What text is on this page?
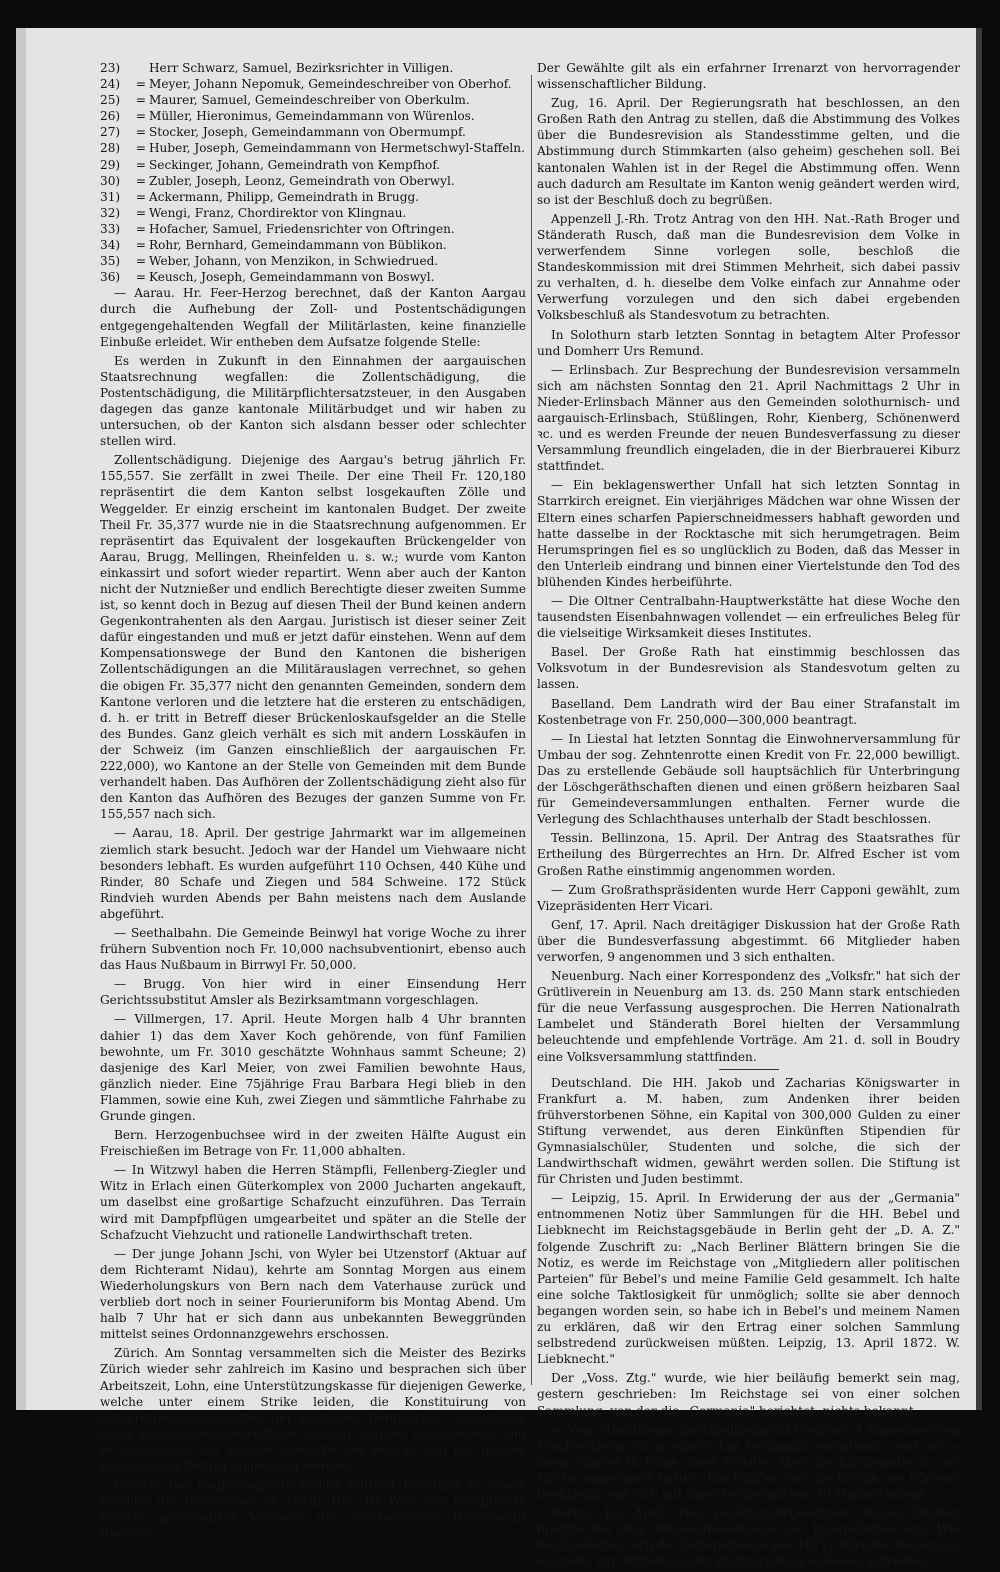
23)	Herr Schwarz, Samuel, Bezirksrichter in Villigen.
24)	= Meyer, Johann Nepomuk, Gemeindeschreiber von Oberhof.
25)	= Maurer, Samuel, Gemeindeschreiber von Oberkulm.
26)	= Müller, Hieronimus, Gemeindammann von Würenlos.
27)	= Stocker, Joseph, Gemeindammann von Obermumpf.
28)	= Huber, Joseph, Gemeindammann von Hermetschwyl-Staffeln.
29)	= Seckinger, Johann, Gemeindrath von Kempfhof.
30)	= Zubler, Joseph, Leonz, Gemeindrath von Oberwyl.
31)	= Ackermann, Philipp, Gemeindrath in Brugg.
32)	= Wengi, Franz, Chordirektor von Klingnau.
33)	= Hofacher, Samuel, Friedensrichter von Oftringen.
34)	= Rohr, Bernhard, Gemeindammann von Büblikon.
35)	= Weber, Johann, von Menzikon, in Schwiedrued.
36)	= Keusch, Joseph, Gemeindammann von Boswyl.

— Aarau. Hr. Feer-Herzog berechnet, daß der Kanton Aargau durch die Aufhebung der Zoll- und Postentschädigungen entgegengehaltenden Wegfall der Militärlasten, keine finanzielle Einbuße erleidet. Wir entheben dem Aufsatze folgende Stelle:

Es werden in Zukunft in den Einnahmen der aargauischen Staatsrechnung wegfallen: die Zollentschädigung, die Postentschädigung, die Militärpflichtersatzsteuer, in den Ausgaben dagegen das ganze kantonale Militärbudget und wir haben zu untersuchen, ob der Kanton sich alsdann besser oder schlechter stellen wird.

Zollentschädigung. Diejenige des Aargau's betrug jährlich Fr. 155,557. Sie zerfällt in zwei Theile. Der eine Theil Fr. 120,180 repräsentirt die dem Kanton selbst losgekauften Zölle und Weggelder. Er einzig erscheint im kantonalen Budget. Der zweite Theil Fr. 35,377 wurde nie in die Staatsrechnung aufgenommen. Er repräsentirt das Equivalent der losgekauften Brückengelder von Aarau, Brugg, Mellingen, Rheinfelden u. s. w.; wurde vom Kanton einkassirt und sofort wieder repartirt. Wenn aber auch der Kanton nicht der Nutznießer und endlich Berechtigte dieser zweiten Summe ist, so kennt doch in Bezug auf diesen Theil der Bund keinen andern Gegenkontrahenten als den Aargau. Juristisch ist dieser seiner Zeit dafür eingestanden und muß er jetzt dafür einstehen. Wenn auf dem Kompensationswege der Bund den Kantonen die bisherigen Zollentschädigungen an die Militärauslagen verrechnet, so gehen die obigen Fr. 35,377 nicht den genannten Gemeinden, sondern dem Kantone verloren und die letztere hat die ersteren zu entschädigen, d. h. er tritt in Betreff dieser Brückenloskaufsgelder an die Stelle des Bundes. Ganz gleich verhält es sich mit andern Losskäufen in der Schweiz (im Ganzen einschließlich der aargauischen Fr. 222,000), wo Kantone an der Stelle von Gemeinden mit dem Bunde verhandelt haben. Das Aufhören der Zollentschädigung zieht also für den Kanton das Aufhören des Bezuges der ganzen Summe von Fr. 155,557 nach sich.

— Aarau, 18. April. Der gestrige Jahrmarkt war im allgemeinen ziemlich stark besucht. Jedoch war der Handel um Viehwaare nicht besonders lebhaft. Es wurden aufgeführt 110 Ochsen, 440 Kühe und Rinder, 80 Schafe und Ziegen und 584 Schweine. 172 Stück Rindvieh wurden Abends per Bahn meistens nach dem Auslande abgeführt.

— Seethalbahn. Die Gemeinde Beinwyl hat vorige Woche zu ihrer frühern Subvention noch Fr. 10,000 nachsubventionirt, ebenso auch das Haus Nußbaum in Birrwyl Fr. 50,000.

— Brugg. Von hier wird in einer Einsendung Herr Gerichtssubstitut Amsler als Bezirksamtmann vorgeschlagen.

— Villmergen, 17. April. Heute Morgen halb 4 Uhr brannten dahier 1) das dem Xaver Koch gehörende, von fünf Familien bewohnte, um Fr. 3010 geschätzte Wohnhaus sammt Scheune; 2) dasjenige des Karl Meier, von zwei Familien bewohnte Haus, gänzlich nieder. Eine 75jährige Frau Barbara Hegi blieb in den Flammen, sowie eine Kuh, zwei Ziegen und sämmtliche Fahrhabe zu Grunde gingen.

Bern. Herzogenbuchsee wird in der zweiten Hälfte August ein Freischießen im Betrage von Fr. 11,000 abhalten.

— In Witzwyl haben die Herren Stämpfli, Fellenberg-Ziegler und Witz in Erlach einen Güterkomplex von 2000 Jucharten angekauft, um daselbst eine großartige Schafzucht einzuführen. Das Terrain wird mit Dampfpflügen umgearbeitet und später an die Stelle der Schafzucht Viehzucht und rationelle Landwirthschaft treten.

— Der junge Johann Jschi, von Wyler bei Utzenstorf (Aktuar auf dem Richteramt Nidau), kehrte am Sonntag Morgen aus einem Wiederholungskurs von Bern nach dem Vaterhause zurück und verblieb dort noch in seiner Fourieruniform bis Montag Abend. Um halb 7 Uhr hat er sich dann aus unbekannten Beweggründen mittelst seines Ordonnanzgewehrs erschossen.

Zürich. Am Sonntag versammelten sich die Meister des Bezirks Zürich wieder sehr zahlreich im Kasino und besprachen sich über Arbeitszeit, Lohn, eine Unterstützungskasse für diejenigen Gewerke, welche unter einem Strike leiden, die Konstituirung von Gewerksgenossenschaften der einzelnen Berufsarten. Sämmtliche obige Gegenstände betreffende Anträge wurden angenommen und es sollen auch die übrigen Gewerke des Bezirks und des ganzen Kantons zum Beitritt eingeladen werden.

Luzern. Der Regierungsrath wählte mittelst Berufung zu einem Direktor der Irrenanstalt St. Urban Hrn. Dr. Wille von Kempten in Baiern, gegenwärtig Vorstand der zürcherischen Irrenanstalt Rheinau.

Der Gewählte gilt als ein erfahrner Irrenarzt von hervorragender wissenschaftlicher Bildung.

Zug, 16. April. Der Regierungsrath hat beschlossen, an den Großen Rath den Antrag zu stellen, daß die Abstimmung des Volkes über die Bundesrevision als Standesstimme gelten, und die Abstimmung durch Stimmkarten (also geheim) geschehen soll. Bei kantonalen Wahlen ist in der Regel die Abstimmung offen. Wenn auch dadurch am Resultate im Kanton wenig geändert werden wird, so ist der Beschluß doch zu begrüßen.

Appenzell J.-Rh. Trotz Antrag von den HH. Nat.-Rath Broger und Ständerath Rusch, daß man die Bundesrevision dem Volke in verwerfendem Sinne vorlegen solle, beschloß die Standeskommission mit drei Stimmen Mehrheit, sich dabei passiv zu verhalten, d. h. dieselbe dem Volke einfach zur Annahme oder Verwerfung vorzulegen und den sich dabei ergebenden Volksbeschluß als Standesvotum zu betrachten.

In Solothurn starb letzten Sonntag in betagtem Alter Professor und Domherr Urs Remund.

— Erlinsbach. Zur Besprechung der Bundesrevision versammeln sich am nächsten Sonntag den 21. April Nachmittags 2 Uhr in Nieder-Erlinsbach Männer aus den Gemeinden solothurnisch- und aargauisch-Erlinsbach, Stüßlingen, Rohr, Kienberg, Schönenwerd ꝛc. und es werden Freunde der neuen Bundesverfassung zu dieser Versammlung freundlich eingeladen, die in der Bierbrauerei Kiburz stattfindet.

— Ein beklagenswerther Unfall hat sich letzten Sonntag in Starrkirch ereignet. Ein vierjähriges Mädchen war ohne Wissen der Eltern eines scharfen Papierschneidmessers habhaft geworden und hatte dasselbe in der Rocktasche mit sich herumgetragen. Beim Herumspringen fiel es so unglücklich zu Boden, daß das Messer in den Unterleib eindrang und binnen einer Viertelstunde den Tod des blühenden Kindes herbeiführte.

— Die Oltner Centralbahn-Hauptwerkstätte hat diese Woche den tausendsten Eisenbahnwagen vollendet — ein erfreuliches Beleg für die vielseitige Wirksamkeit dieses Institutes.

Basel. Der Große Rath hat einstimmig beschlossen das Volksvotum in der Bundesrevision als Standesvotum gelten zu lassen.

Baselland. Dem Landrath wird der Bau einer Strafanstalt im Kostenbetrage von Fr. 250,000—300,000 beantragt.

— In Liestal hat letzten Sonntag die Einwohnerversammlung für Umbau der sog. Zehntenrotte einen Kredit von Fr. 22,000 bewilligt. Das zu erstellende Gebäude soll hauptsächlich für Unterbringung der Löschgeräthschaften dienen und einen größern heizbaren Saal für Gemeindeversammlungen enthalten. Ferner wurde die Verlegung des Schlachthauses unterhalb der Stadt beschlossen.

Tessin. Bellinzona, 15. April. Der Antrag des Staatsrathes für Ertheilung des Bürgerrechtes an Hrn. Dr. Alfred Escher ist vom Großen Rathe einstimmig angenommen worden.

— Zum Großrathspräsidenten wurde Herr Capponi gewählt, zum Vizepräsidenten Herr Vicari.

Genf, 17. April. Nach dreitägiger Diskussion hat der Große Rath über die Bundesverfassung abgestimmt. 66 Mitglieder haben verworfen, 9 angenommen und 3 sich enthalten.

Neuenburg. Nach einer Korrespondenz des „Volksfr." hat sich der Grütliverein in Neuenburg am 13. ds. 250 Mann stark entschieden für die neue Verfassung ausgesprochen. Die Herren Nationalrath Lambelet und Ständerath Borel hielten der Versammlung beleuchtende und empfehlende Vorträge. Am 21. d. soll in Boudry eine Volksversammlung stattfinden.

Deutschland. Die HH. Jakob und Zacharias Königswarter in Frankfurt a. M. haben, zum Andenken ihrer beiden frühverstorbenen Söhne, ein Kapital von 300,000 Gulden zu einer Stiftung verwendet, aus deren Einkünften Stipendien für Gymnasialschüler, Studenten und solche, die sich der Landwirthschaft widmen, gewährt werden sollen. Die Stiftung ist für Christen und Juden bestimmt.

— Leipzig, 15. April. In Erwiderung der aus der „Germania" entnommenen Notiz über Sammlungen für die HH. Bebel und Liebknecht im Reichstagsgebäude in Berlin geht der „D. A. Z." folgende Zuschrift zu: „Nach Berliner Blättern bringen Sie die Notiz, es werde im Reichstage von „Mitgliedern aller politischen Parteien" für Bebel's und meine Familie Geld gesammelt. Ich halte eine solche Taktlosigkeit für unmöglich; sollte sie aber dennoch begangen worden sein, so habe ich in Bebel's und meinem Namen zu erklären, daß wir den Ertrag einer solchen Sammlung selbstredend zurückweisen müßten. Leipzig, 13. April 1872. W. Liebknecht."

Der „Voss. Ztg." wurde, wie hier beiläufig bemerkt sein mag, gestern geschrieben: Im Reichstage sei von einer solchen Sammlung, von der die „Germania" berichtet, nichts bekannt.

— Vom Straßburger Zuchtpolizeigericht wurden 4 Einwohner von Truchtersheim zu je einem Tag Gefängniß verurtheilt, weil sie — ihren Pfarrer in Folge eines Streites über die Kirchensitze in der Kirche eingesperrt hatten. Ein Fünfter, der die Köchin des Pfarrers beohrfeigt, sah sich mit einer Geldstrafe von 10 Thalern belegt.

Berlin, 16. April. Der Landtags-Abgeordnete Eugen Richter brachte bei dem Abgeordnetenhause die Interpellation ein: Wie hoch belaufen sich die Ueberschüsse von 1871? Wird die Regierung nunmehr zur Aufhebung der Zeitungsstempel-Steuer schreiten?
